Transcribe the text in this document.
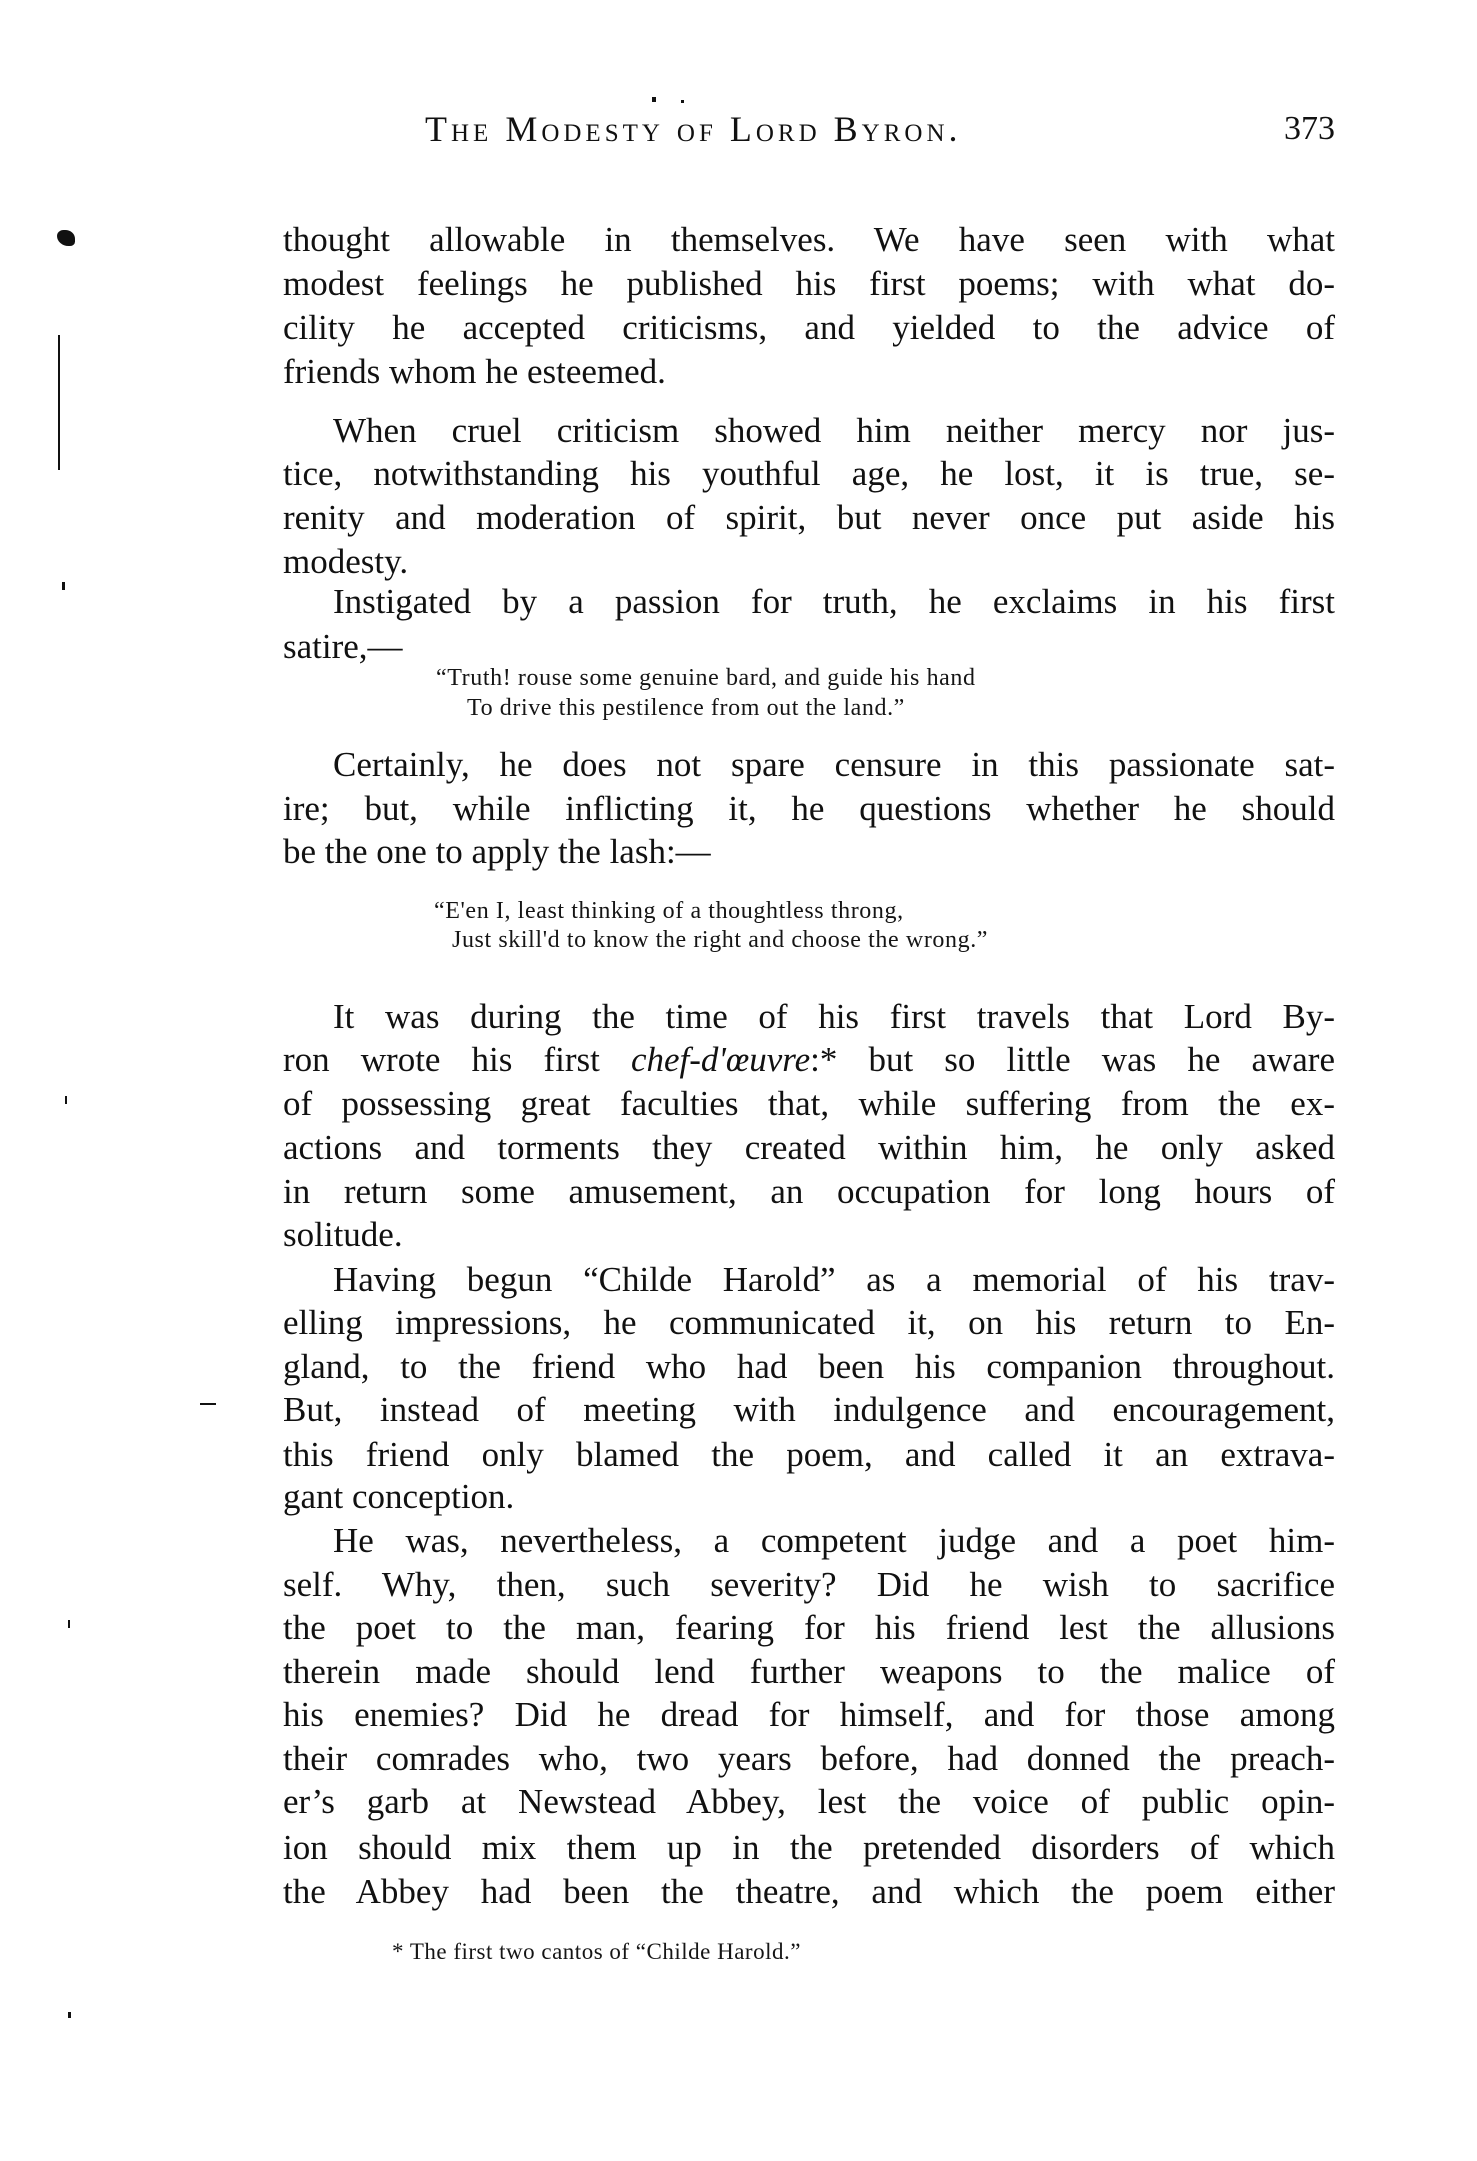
The Modesty of Lord Byron.	373
thought allowable in themselves. We have seen with what
modest feelings he published his first poems; with what do-
cility he accepted criticisms, and yielded to the advice of
friends whom he esteemed.
When cruel criticism showed him neither mercy nor jus-
tice, notwithstanding his youthful age, he lost, it is true, se-
renity and moderation of spirit, but never once put aside his
modesty.
Instigated by a passion for truth, he exclaims in his first
satire,—
“Truth! rouse some genuine bard, and guide his hand
To drive this pestilence from out the land.”
Certainly, he does not spare censure in this passionate sat-
ire; but, while inflicting it, he questions whether he should
be the one to apply the lash:—
“E'en I, least thinking of a thoughtless throng,
Just skill'd to know the right and choose the wrong.”
It was during the time of his first travels that Lord By-
ron wrote his first chef-d'œuvre:* but so little was he aware
of possessing great faculties that, while suffering from the ex-
actions and torments they created within him, he only asked
in return some amusement, an occupation for long hours of
solitude.
Having begun “Childe Harold” as a memorial of his trav-
elling impressions, he communicated it, on his return to En-
gland, to the friend who had been his companion throughout.
But, instead of meeting with indulgence and encouragement,
this friend only blamed the poem, and called it an extrava-
gant conception.
He was, nevertheless, a competent judge and a poet him-
self. Why, then, such severity? Did he wish to sacrifice
the poet to the man, fearing for his friend lest the allusions
therein made should lend further weapons to the malice of
his enemies? Did he dread for himself, and for those among
their comrades who, two years before, had donned the preach-
er’s garb at Newstead Abbey, lest the voice of public opin-
ion should mix them up in the pretended disorders of which
the Abbey had been the theatre, and which the poem either
* The first two cantos of “Childe Harold.”
